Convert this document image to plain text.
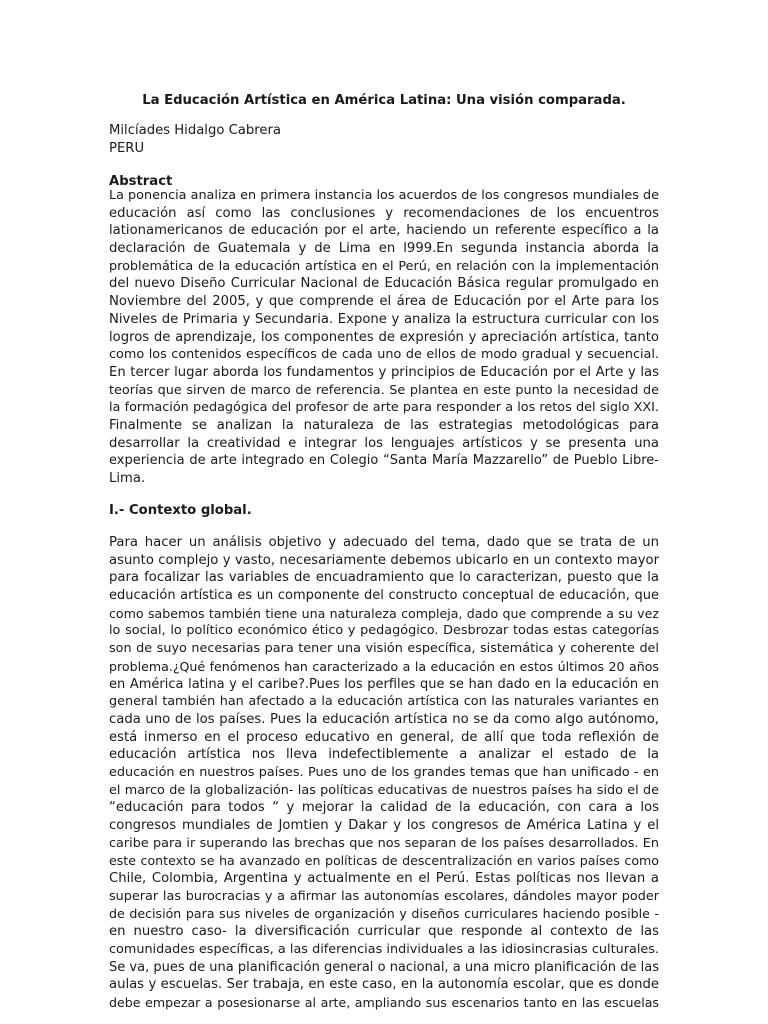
La Educación Artística en América Latina: Una visión comparada.
Milcíades Hidalgo Cabrera
PERU
Abstract
La ponencia analiza en primera instancia los acuerdos de los congresos mundiales de
educación así como las conclusiones y recomendaciones de los encuentros
lationamericanos de educación por el arte, haciendo un referente específico a la
declaración de Guatemala y de Lima en l999.En segunda instancia aborda la
problemática de la educación artística en el Perú, en relación con la implementación
del nuevo Diseño Curricular Nacional de Educación Básica regular promulgado en
Noviembre del 2005, y que comprende el área de Educación por el Arte para los
Niveles de Primaria y Secundaria. Expone y analiza la estructura curricular con los
logros de aprendizaje, los componentes de expresión y apreciación artística, tanto
como los contenidos específicos de cada uno de ellos de modo gradual y secuencial.
En tercer lugar aborda los fundamentos y principios de Educación por el Arte y las
teorías que sirven de marco de referencia. Se plantea en este punto la necesidad de
la formación pedagógica del profesor de arte para responder a los retos del siglo XXI.
Finalmente se analizan la naturaleza de las estrategias metodológicas para
desarrollar la creatividad e integrar los lenguajes artísticos y se presenta una
experiencia de arte integrado en Colegio “Santa María Mazzarello” de Pueblo Libre-
Lima.
I.- Contexto global.
Para hacer un análisis objetivo y adecuado del tema, dado que se trata de un
asunto complejo y vasto, necesariamente debemos ubicarlo en un contexto mayor
para focalizar las variables de encuadramiento que lo caracterizan, puesto que la
educación artística es un componente del constructo conceptual de educación, que
como sabemos también tiene una naturaleza compleja, dado que comprende a su vez
lo social, lo político económico ético y pedagógico. Desbrozar todas estas categorías
son de suyo necesarias para tener una visión específica, sistemática y coherente del
problema.¿Qué fenómenos han caracterizado a la educación en estos últimos 20 años
en América latina y el caribe?.Pues los perfiles que se han dado en la educación en
general también han afectado a la educación artística con las naturales variantes en
cada uno de los países. Pues la educación artística no se da como algo autónomo,
está inmerso en el proceso educativo en general, de allí que toda reflexión de
educación artística nos lleva indefectiblemente a analizar el estado de la
educación en nuestros países. Pues uno de los grandes temas que han unificado - en
el marco de la globalización- las políticas educativas de nuestros países ha sido el de
“educación para todos “ y mejorar la calidad de la educación, con cara a los
congresos mundiales de Jomtien y Dakar y los congresos de América Latina y el
caribe para ir superando las brechas que nos separan de los países desarrollados. En
este contexto se ha avanzado en políticas de descentralización en varios países como
Chile, Colombia, Argentina y actualmente en el Perú. Estas políticas nos llevan a
superar las burocracias y a afirmar las autonomías escolares, dándoles mayor poder
de decisión para sus niveles de organización y diseños curriculares haciendo posible -
en nuestro caso- la diversificación curricular que responde al contexto de las
comunidades específicas, a las diferencias individuales a las idiosincrasias culturales.
Se va, pues de una planificación general o nacional, a una micro planificación de las
aulas y escuelas. Ser trabaja, en este caso, en la autonomía escolar, que es donde
debe empezar a posesionarse al arte, ampliando sus escenarios tanto en las escuelas
